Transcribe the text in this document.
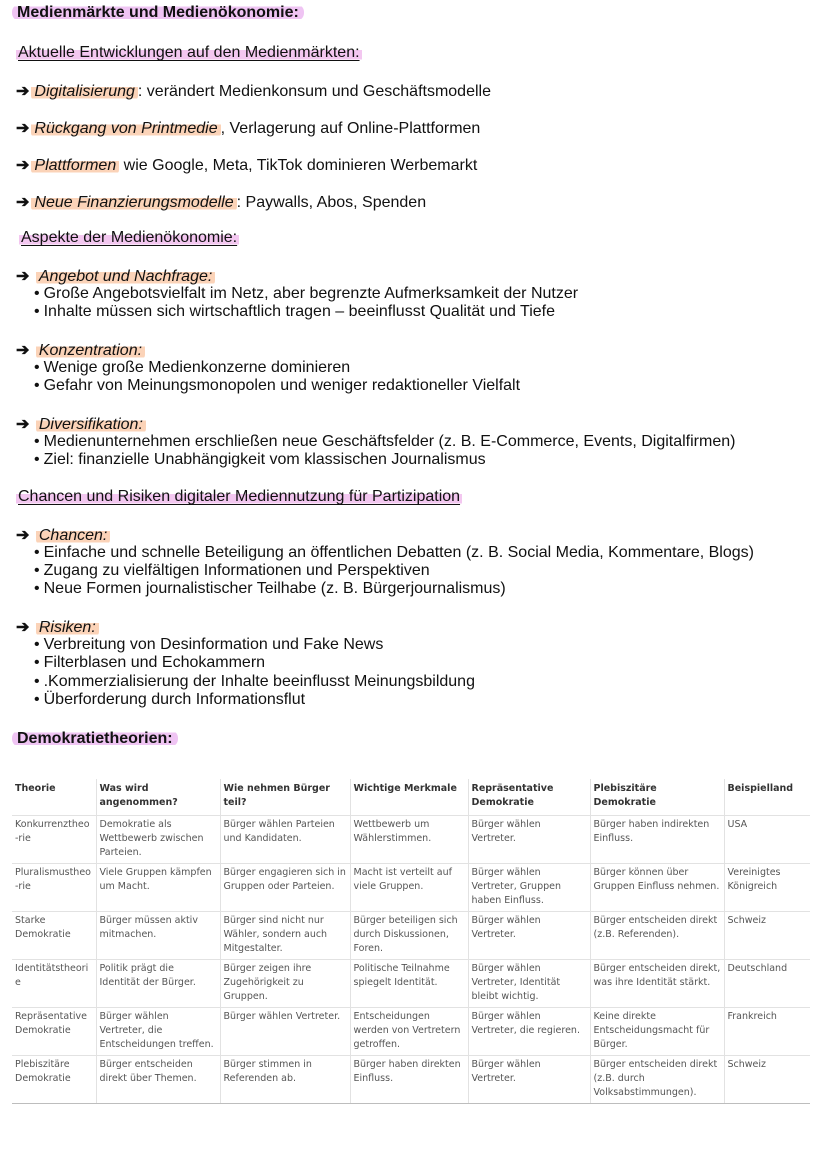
Medienmärkte und Medienökonomie:
Aktuelle Entwicklungen auf den Medienmärkten:
➔ Digitalisierung : verändert Medienkonsum und Geschäftsmodelle
➔ Rückgang von Printmedie , Verlagerung auf Online-Plattformen
➔ Plattformen wie Google, Meta, TikTok dominieren Werbemarkt
➔ Neue Finanzierungsmodelle : Paywalls, Abos, Spenden
Aspekte der Medienökonomie:
➔ Angebot und Nachfrage:
• Große Angebotsvielfalt im Netz, aber begrenzte Aufmerksamkeit der Nutzer
• Inhalte müssen sich wirtschaftlich tragen – beeinflusst Qualität und Tiefe
➔ Konzentration:
• Wenige große Medienkonzerne dominieren
• Gefahr von Meinungsmonopolen und weniger redaktioneller Vielfalt
➔ Diversifikation:
• Medienunternehmen erschließen neue Geschäftsfelder (z. B. E-Commerce, Events, Digitalfirmen)
• Ziel: finanzielle Unabhängigkeit vom klassischen Journalismus
Chancen und Risiken digitaler Mediennutzung für Partizipation
➔ Chancen:
• Einfache und schnelle Beteiligung an öffentlichen Debatten (z. B. Social Media, Kommentare, Blogs)
• Zugang zu vielfältigen Informationen und Perspektiven
• Neue Formen journalistischer Teilhabe (z. B. Bürgerjournalismus)
➔ Risiken:
• Verbreitung von Desinformation und Fake News
• Filterblasen und Echokammern
• .Kommerzialisierung der Inhalte beeinflusst Meinungsbildung
• Überforderung durch Informationsflut
Demokratietheorien:
Theorie	Was wird angenommen?	Wie nehmen Bürger teil?	Wichtige Merkmale	Repräsentative Demokratie	Plebiszitäre Demokratie	Beispielland
Konkurrenztheo-rie	Demokratie als Wettbewerb zwischen Parteien.	Bürger wählen Parteien und Kandidaten.	Wettbewerb um Wählerstimmen.	Bürger wählen Vertreter.	Bürger haben indirekten Einfluss.	USA
Pluralismustheo-rie	Viele Gruppen kämpfen um Macht.	Bürger engagieren sich in Gruppen oder Parteien.	Macht ist verteilt auf viele Gruppen.	Bürger wählen Vertreter, Gruppen haben Einfluss.	Bürger können über Gruppen Einfluss nehmen.	Vereinigtes Königreich
Starke Demokratie	Bürger müssen aktiv mitmachen.	Bürger sind nicht nur Wähler, sondern auch Mitgestalter.	Bürger beteiligen sich durch Diskussionen, Foren.	Bürger wählen Vertreter.	Bürger entscheiden direkt (z.B. Referenden).	Schweiz
Identitätstheorie	Politik prägt die Identität der Bürger.	Bürger zeigen ihre Zugehörigkeit zu Gruppen.	Politische Teilnahme spiegelt Identität.	Bürger wählen Vertreter, Identität bleibt wichtig.	Bürger entscheiden direkt, was ihre Identität stärkt.	Deutschland
Repräsentative Demokratie	Bürger wählen Vertreter, die Entscheidungen treffen.	Bürger wählen Vertreter.	Entscheidungen werden von Vertretern getroffen.	Bürger wählen Vertreter, die regieren.	Keine direkte Entscheidungsmacht für Bürger.	Frankreich
Plebiszitäre Demokratie	Bürger entscheiden direkt über Themen.	Bürger stimmen in Referenden ab.	Bürger haben direkten Einfluss.	Bürger wählen Vertreter.	Bürger entscheiden direkt (z.B. durch Volksabstimmungen).	Schweiz
